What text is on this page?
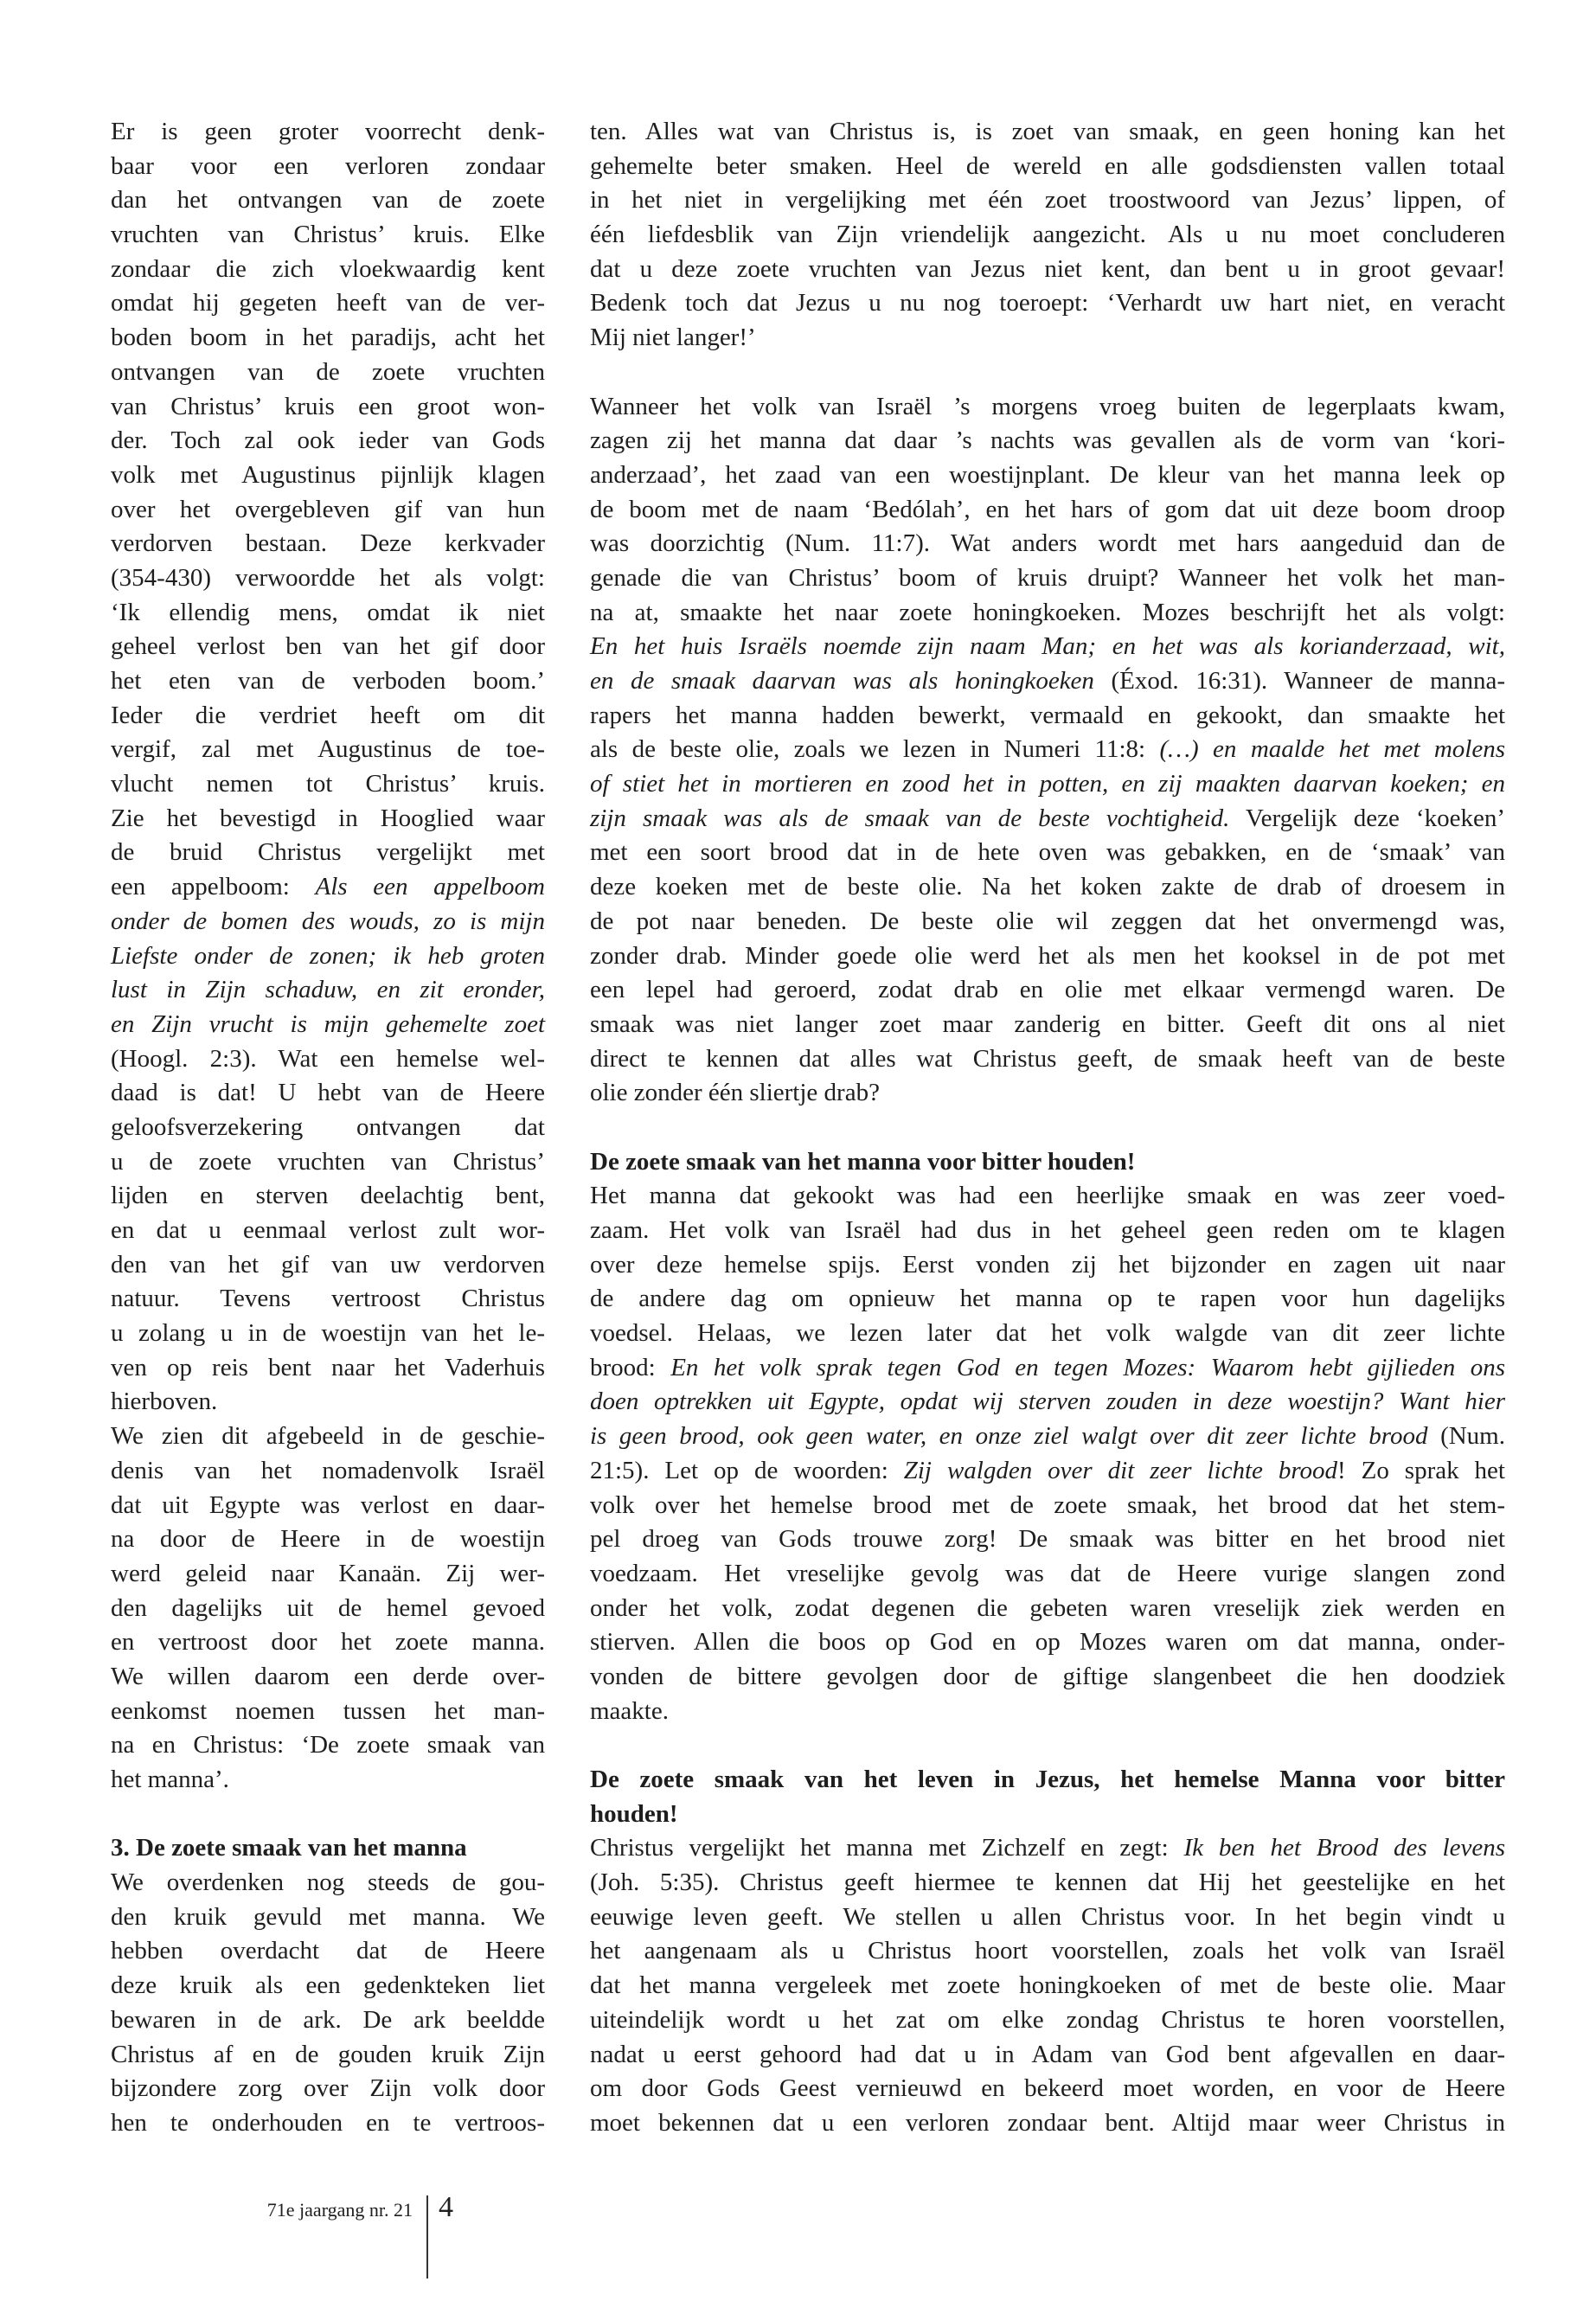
Er is geen groter voorrecht denk-
baar voor een verloren zondaar
dan het ontvangen van de zoete
vruchten van Christus’ kruis. Elke
zondaar die zich vloekwaardig kent
omdat hij gegeten heeft van de ver-
boden boom in het paradijs, acht het
ontvangen van de zoete vruchten
van Christus’ kruis een groot won-
der. Toch zal ook ieder van Gods
volk met Augustinus pijnlijk klagen
over het overgebleven gif van hun
verdorven bestaan. Deze kerkvader
(354-430) verwoordde het als volgt:
‘Ik ellendig mens, omdat ik niet
geheel verlost ben van het gif door
het eten van de verboden boom.’
Ieder die verdriet heeft om dit
vergif, zal met Augustinus de toe-
vlucht nemen tot Christus’ kruis.
Zie het bevestigd in Hooglied waar
de bruid Christus vergelijkt met
een appelboom: Als een appelboom
onder de bomen des wouds, zo is mijn
Liefste onder de zonen; ik heb groten
lust in Zijn schaduw, en zit eronder,
en Zijn vrucht is mijn gehemelte zoet
(Hoogl. 2:3). Wat een hemelse wel-
daad is dat! U hebt van de Heere
geloofsverzekering ontvangen dat
u de zoete vruchten van Christus’
lijden en sterven deelachtig bent,
en dat u eenmaal verlost zult wor-
den van het gif van uw verdorven
natuur. Tevens vertroost Christus
u zolang u in de woestijn van het le-
ven op reis bent naar het Vaderhuis
hierboven.
We zien dit afgebeeld in de geschie-
denis van het nomadenvolk Israël
dat uit Egypte was verlost en daar-
na door de Heere in de woestijn
werd geleid naar Kanaän. Zij wer-
den dagelijks uit de hemel gevoed
en vertroost door het zoete manna.
We willen daarom een derde over-
eenkomst noemen tussen het man-
na en Christus: ‘De zoete smaak van
het manna’.
3. De zoete smaak van het manna
We overdenken nog steeds de gou-
den kruik gevuld met manna. We
hebben overdacht dat de Heere
deze kruik als een gedenkteken liet
bewaren in de ark. De ark beeldde
Christus af en de gouden kruik Zijn
bijzondere zorg over Zijn volk door
hen te onderhouden en te vertroos-
ten. Alles wat van Christus is, is zoet van smaak, en geen honing kan het
gehemelte beter smaken. Heel de wereld en alle godsdiensten vallen totaal
in het niet in vergelijking met één zoet troostwoord van Jezus’ lippen, of
één liefdesblik van Zijn vriendelijk aangezicht. Als u nu moet concluderen
dat u deze zoete vruchten van Jezus niet kent, dan bent u in groot gevaar!
Bedenk toch dat Jezus u nu nog toeroept: ‘Verhardt uw hart niet, en veracht
Mij niet langer!’
Wanneer het volk van Israël ’s morgens vroeg buiten de legerplaats kwam,
zagen zij het manna dat daar ’s nachts was gevallen als de vorm van ‘kori-
anderzaad’, het zaad van een woestijnplant. De kleur van het manna leek op
de boom met de naam ‘Bedólah’, en het hars of gom dat uit deze boom droop
was doorzichtig (Num. 11:7). Wat anders wordt met hars aangeduid dan de
genade die van Christus’ boom of kruis druipt? Wanneer het volk het man-
na at, smaakte het naar zoete honingkoeken. Mozes beschrijft het als volgt:
En het huis Israëls noemde zijn naam Man; en het was als korianderzaad, wit,
en de smaak daarvan was als honingkoeken (Éxod. 16:31). Wanneer de manna-
rapers het manna hadden bewerkt, vermaald en gekookt, dan smaakte het
als de beste olie, zoals we lezen in Numeri 11:8: (…) en maalde het met molens
of stiet het in mortieren en zood het in potten, en zij maakten daarvan koeken; en
zijn smaak was als de smaak van de beste vochtigheid. Vergelijk deze ‘koeken’
met een soort brood dat in de hete oven was gebakken, en de ‘smaak’ van
deze koeken met de beste olie. Na het koken zakte de drab of droesem in
de pot naar beneden. De beste olie wil zeggen dat het onvermengd was,
zonder drab. Minder goede olie werd het als men het kooksel in de pot met
een lepel had geroerd, zodat drab en olie met elkaar vermengd waren. De
smaak was niet langer zoet maar zanderig en bitter. Geeft dit ons al niet
direct te kennen dat alles wat Christus geeft, de smaak heeft van de beste
olie zonder één sliertje drab?
De zoete smaak van het manna voor bitter houden!
Het manna dat gekookt was had een heerlijke smaak en was zeer voed-
zaam. Het volk van Israël had dus in het geheel geen reden om te klagen
over deze hemelse spijs. Eerst vonden zij het bijzonder en zagen uit naar
de andere dag om opnieuw het manna op te rapen voor hun dagelijks
voedsel. Helaas, we lezen later dat het volk walgde van dit zeer lichte
brood: En het volk sprak tegen God en tegen Mozes: Waarom hebt gijlieden ons
doen optrekken uit Egypte, opdat wij sterven zouden in deze woestijn? Want hier
is geen brood, ook geen water, en onze ziel walgt over dit zeer lichte brood (Num.
21:5). Let op de woorden: Zij walgden over dit zeer lichte brood! Zo sprak het
volk over het hemelse brood met de zoete smaak, het brood dat het stem-
pel droeg van Gods trouwe zorg! De smaak was bitter en het brood niet
voedzaam. Het vreselijke gevolg was dat de Heere vurige slangen zond
onder het volk, zodat degenen die gebeten waren vreselijk ziek werden en
stierven. Allen die boos op God en op Mozes waren om dat manna, onder-
vonden de bittere gevolgen door de giftige slangenbeet die hen doodziek
maakte.
De zoete smaak van het leven in Jezus, het hemelse Manna voor bitter
houden!
Christus vergelijkt het manna met Zichzelf en zegt: Ik ben het Brood des levens
(Joh. 5:35). Christus geeft hiermee te kennen dat Hij het geestelijke en het
eeuwige leven geeft. We stellen u allen Christus voor. In het begin vindt u
het aangenaam als u Christus hoort voorstellen, zoals het volk van Israël
dat het manna vergeleek met zoete honingkoeken of met de beste olie. Maar
uiteindelijk wordt u het zat om elke zondag Christus te horen voorstellen,
nadat u eerst gehoord had dat u in Adam van God bent afgevallen en daar-
om door Gods Geest vernieuwd en bekeerd moet worden, en voor de Heere
moet bekennen dat u een verloren zondaar bent. Altijd maar weer Christus in
71e jaargang nr. 21 4
